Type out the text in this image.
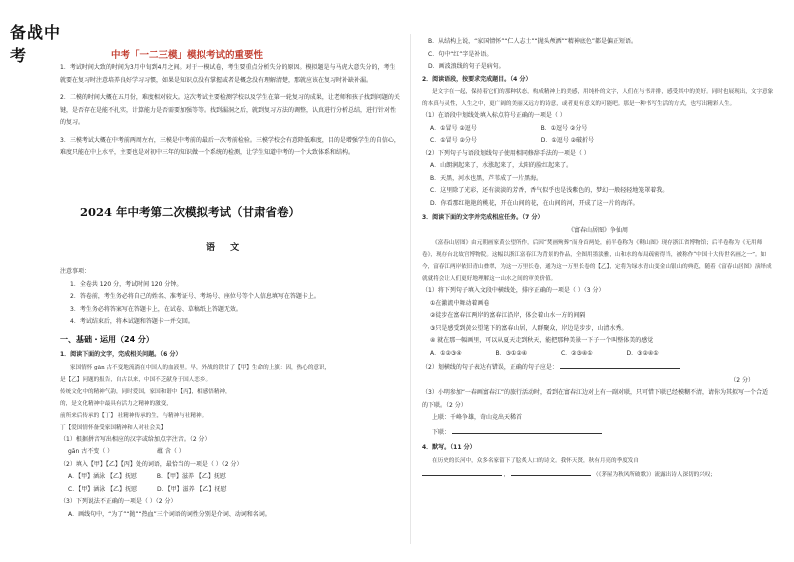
备战中考	中考「一二三模」模拟考试的重要性

1．考试时间大致的时间为3月中旬到4月之间。对于一模试卷，考生要重点分析失分的原因。模拟题是与马虎大意失分的，考生就要在复习时注意培养良好学习习惯，如果是知识点没有掌握或者是概念没有理解清楚，那就应该在复习时补缺补漏。

2．二模的时间大概在五月份，难度相对较大。这次考试主要检测学校以及学生在第一轮复习的成果，让老师和孩子找到问题的关键，是否存在是能不扎实，计算能力是否需要加强等等。找到漏洞之后，就到复习方法的调整，认真进行分析总结，进行针对性的复习。

3．三模考试大概在中考前两周左右，三模是中考前的最后一次考前检验。三模学校会有意降低难度，目的是增强学生的自信心，难度只能在中上水平，主要也是对初中三年的知识做一个系统的检测，让学生知道中考的一个大致体系和结构。

2024 年中考第二次模拟考试（甘肃省卷）
语 文

注意事项：

1．全卷共 120 分，考试时间 120 分钟。

2．答卷前，考生务必将自己的姓名、准考证号、考场号、座位号等个人信息填写在答题卡上。

3．考生务必将答案写在答题卡上，在试卷、草稿纸上答题无效。

4．考试结束后，将本试题和答题卡一并交回。

一、基础・运用（24 分）

1．阅读下面的文字，完成相关问题。（6 分）

家国情怀 gān 古不变地流淌在中国人的血液里。早，外战的铁甘了【甲】生命的上旗：因，热心的意识，

是【乙】问题的报告，自古以来，中国不乏献身于国人恋乡。

传统文化中的精神气韵，同时爱国，家国和谐中【丙】，相感悟精神，

的，是文化精神中最具有活力之精神的激变，

前所来后传承的【丁】 社精神传承的生，与精神与社精神。

丁【爱国情怀备受家国精神和人对社会关】

（1）根据拼音写出相应的汉字或给加点字注音。（2 分）

gān 古不变（ ）	蕴 含（ ）

（2）填入【甲】【乙】【丙】处的词语，最恰当的一项是（ ）（2 分）

A．【甲】涵泳 【乙】抚慰	B．【甲】滋养 【乙】抚慰

C．【甲】涵泳 【乙】抚慰	D．【甲】滋养 【乙】抚慰

（3）下列说法不正确的一项是（ ）（2 分）

A．画线句中，“为了”“抛”“热血”三个词语的词性分别是介词、动词和名词。

B．从结构上说，“家国情怀”“仁人志士”“抛头颅洒”“精神底色”都是偏正短语。

C．句中“红”字是补语。

D．画波浪线的句子是病句。

2．阅读语段，按要求完成题目。（4 分）

是文字在一起，保持着它们的那种状态，构成精神上的美感，用纯朴的文字，人们在与书并排，感受其中的美好。同时也展现出，文字意象的本真与灵性，人生之中，更广阔的美丽又远方的诗意，或者更有意义的可能吧。那是一种书写生活的方式，也写出精彩人生。

（1）在语段中划线处填入标点符号正确的一项是（ ）

A．①冒号 ②逗号	B．①逗号 ②分号

C．①冒号 ②分号	D．①逗号 ②破折号

（2）下列句子与语段划线句子使用相同修辞手法的一项是（ ）

A．山朗润起来了，水涨起来了，太阳的脸红起来了。

B．天黑，河水也黑，芦苇成了一片黑海。

C．这里除了光彩，还有淡淡的芳香，香气似乎也是浅紫色的，梦幻一般轻轻地笼罩着我。

D．你看那红艳艳的桃花，开在山间的花，在山间的河，开成了这一片的海洋。

3．阅读下面的文字并完成相应任务。（7 分）

《富春山居图》争仙周

《富春山居图》由元朝画家黄公望所作，后因“焚画殉葬”而身首两处，前半卷称为《剩山图》现存浙江省博物馆；后半卷称为《无用师卷》，现存台北故宫博物院。这幅以浙江富春江为背景的作品，全图用墨淡雅，山和水的布局疏密得当，被称作“中国十大传世名画之一”。如今，富春江两岸依旧青山叠翠，为这一万里长卷，通为这一万里长卷的【乙】，定将为绿水青山变金山银山的典范，随着《富春山居图》演绎成就就将会让人们更好地理解这一山水之间的审美价值。

（1）将下列句子填入文段中横线处，排序正确的一项是（ ）（3 分）

①在激流中舞动着画卷

②徒步在富春江两岸的富春江沿岸，体会着山水一方的间隔

③只是感受到黄公望笔下的富春山居，人群聚众，岸边是步步，山清水秀。

④ 就在那一幅画里，可以从夏天走到秋天，能把那种美景一下子一个叫整体美的感觉

A．①②③④	B．③①②④	C．②③④①	D．③②④①

（2）划横线的句子表达有错误，正确的句子应是：

（2 分）

（3）小明参加“一春画富春江”的旅行活动时，看到在富春江边对上有一副对联，只可惜下联已经模糊不清，请你为其拟写一个合适的下联。（2 分）

上联：千峰争雄，奇山竞出天稀首

下联：

4．默写。（11 分）

在历史的长河中，众多名家留下了脍炙人口的诗文。我怀天贤，秋有月亮的季度发自

，	（《茅屋为秋风所破歌》）流露出诗人深切的兴叹；
